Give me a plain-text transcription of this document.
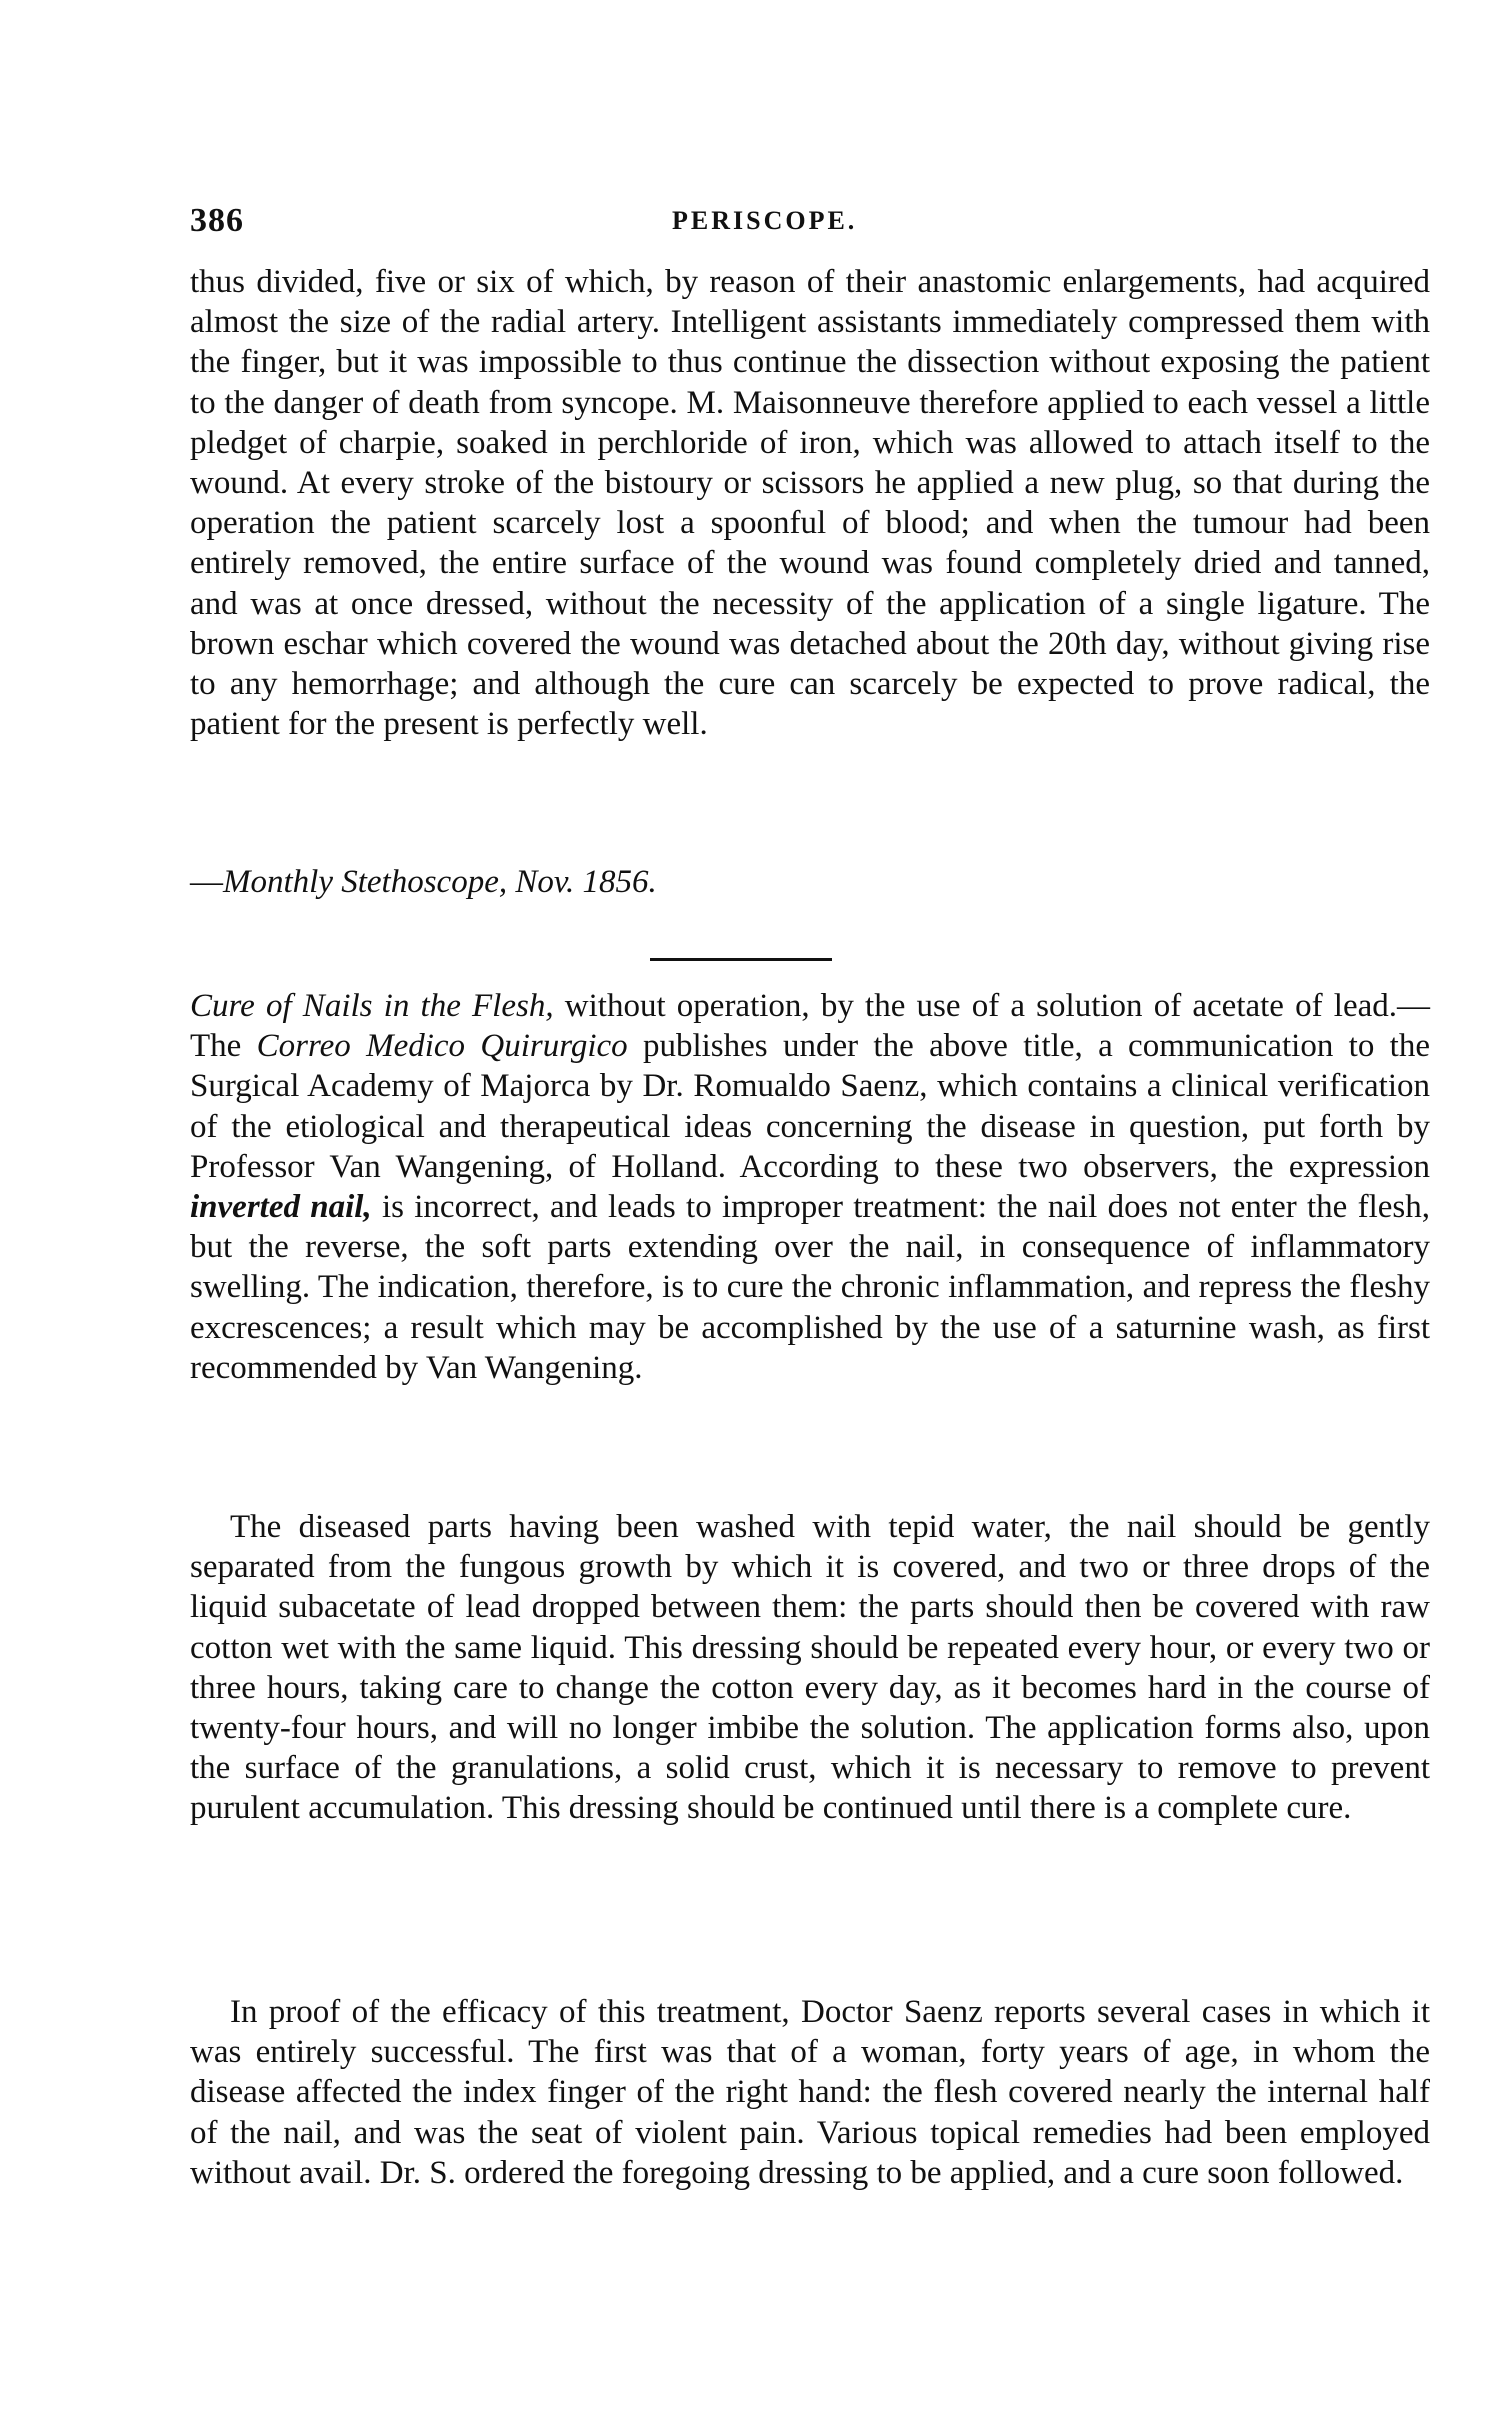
386	PERISCOPE.
thus divided, five or six of which, by reason of their anastomic enlargements, had acquired almost the size of the radial artery. Intelligent assistants immediately compressed them with the finger, but it was impossible to thus continue the dissection without exposing the patient to the danger of death from syncope. M. Maisonneuve therefore applied to each vessel a little pledget of charpie, soaked in perchloride of iron, which was allowed to attach itself to the wound. At every stroke of the bistoury or scissors he applied a new plug, so that during the operation the patient scarcely lost a spoonful of blood; and when the tumour had been entirely removed, the entire surface of the wound was found completely dried and tanned, and was at once dressed, without the necessity of the application of a single ligature. The brown eschar which covered the wound was detached about the 20th day, without giving rise to any hemorrhage; and although the cure can scarcely be expected to prove radical, the patient for the present is perfectly well.
—Monthly Stethoscope, Nov. 1856.
Cure of Nails in the Flesh, without operation, by the use of a solution of acetate of lead.—The Correo Medico Quirurgico publishes under the above title, a communication to the Surgical Academy of Majorca by Dr. Romualdo Saenz, which contains a clinical verification of the etiological and therapeutical ideas concerning the disease in question, put forth by Professor Van Wangening, of Holland. According to these two observers, the expression inverted nail, is incorrect, and leads to improper treatment: the nail does not enter the flesh, but the reverse, the soft parts extending over the nail, in consequence of inflammatory swelling. The indication, therefore, is to cure the chronic inflammation, and repress the fleshy excrescences; a result which may be accomplished by the use of a saturnine wash, as first recommended by Van Wangening.
The diseased parts having been washed with tepid water, the nail should be gently separated from the fungous growth by which it is covered, and two or three drops of the liquid subacetate of lead dropped between them: the parts should then be covered with raw cotton wet with the same liquid. This dressing should be repeated every hour, or every two or three hours, taking care to change the cotton every day, as it becomes hard in the course of twenty-four hours, and will no longer imbibe the solution. The application forms also, upon the surface of the granulations, a solid crust, which it is necessary to remove to prevent purulent accumulation. This dressing should be continued until there is a complete cure.
In proof of the efficacy of this treatment, Doctor Saenz reports several cases in which it was entirely successful. The first was that of a woman, forty years of age, in whom the disease affected the index finger of the right hand: the flesh covered nearly the internal half of the nail, and was the seat of violent pain. Various topical remedies had been employed without avail. Dr. S. ordered the foregoing dressing to be applied, and a cure soon followed.
